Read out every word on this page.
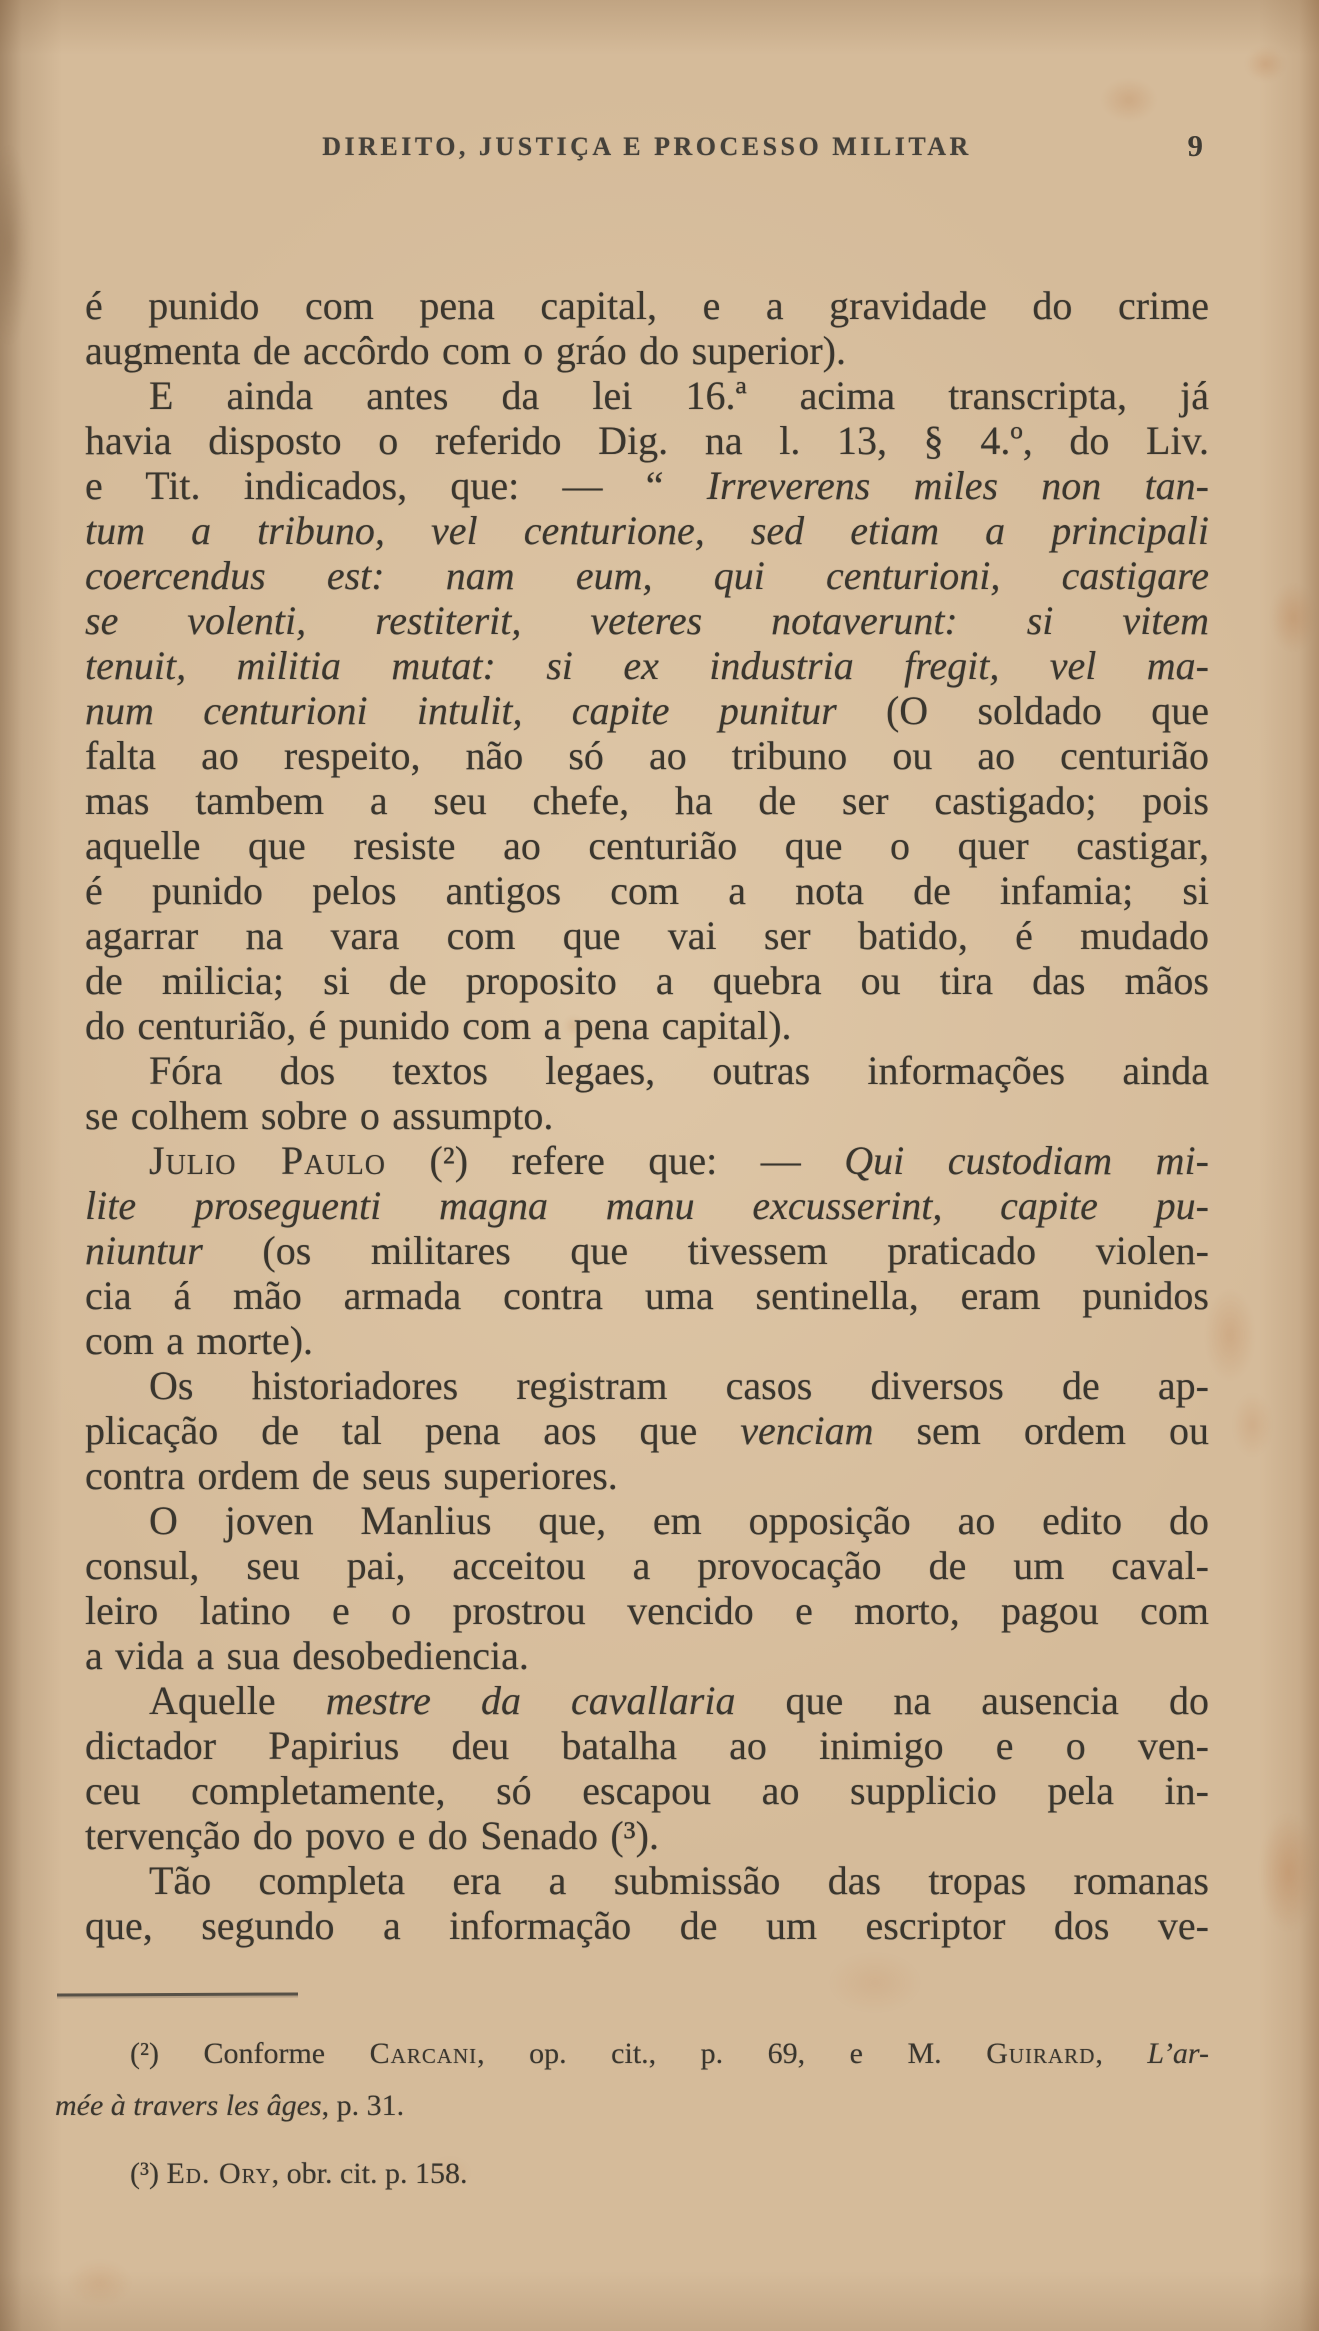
DIREITO, JUSTIÇA E PROCESSO MILITAR	9
é punido com pena capital, e a gravidade do crime
augmenta de accôrdo com o gráo do superior).
E ainda antes da lei 16.ª acima transcripta, já
havia disposto o referido Dig. na l. 13, § 4.º, do Liv.
e Tit. indicados, que: — “ Irreverens miles non tan-
tum a tribuno, vel centurione, sed etiam a principali
coercendus est: nam eum, qui centurioni, castigare
se volenti, restiterit, veteres notaverunt: si vitem
tenuit, militia mutat: si ex industria fregit, vel ma-
num centurioni intulit, capite punitur (O soldado que
falta ao respeito, não só ao tribuno ou ao centurião
mas tambem a seu chefe, ha de ser castigado; pois
aquelle que resiste ao centurião que o quer castigar,
é punido pelos antigos com a nota de infamia; si
agarrar na vara com que vai ser batido, é mudado
de milicia; si de proposito a quebra ou tira das mãos
do centurião, é punido com a pena capital).
Fóra dos textos legaes, outras informações ainda
se colhem sobre o assumpto.
Julio Paulo (²) refere que: — Qui custodiam mi-
lite proseguenti magna manu excusserint, capite pu-
niuntur (os militares que tivessem praticado violen-
cia á mão armada contra uma sentinella, eram punidos
com a morte).
Os historiadores registram casos diversos de ap-
plicação de tal pena aos que venciam sem ordem ou
contra ordem de seus superiores.
O joven Manlius que, em opposição ao edito do
consul, seu pai, acceitou a provocação de um caval-
leiro latino e o prostrou vencido e morto, pagou com
a vida a sua desobediencia.
Aquelle mestre da cavallaria que na ausencia do
dictador Papirius deu batalha ao inimigo e o ven-
ceu completamente, só escapou ao supplicio pela in-
tervenção do povo e do Senado (³).
Tão completa era a submissão das tropas romanas
que, segundo a informação de um escriptor dos ve-
(²) Conforme Carcani, op. cit., p. 69, e M. Guirard, L’ar-
mée à travers les âges, p. 31.
(³) Ed. Ory, obr. cit. p. 158.
